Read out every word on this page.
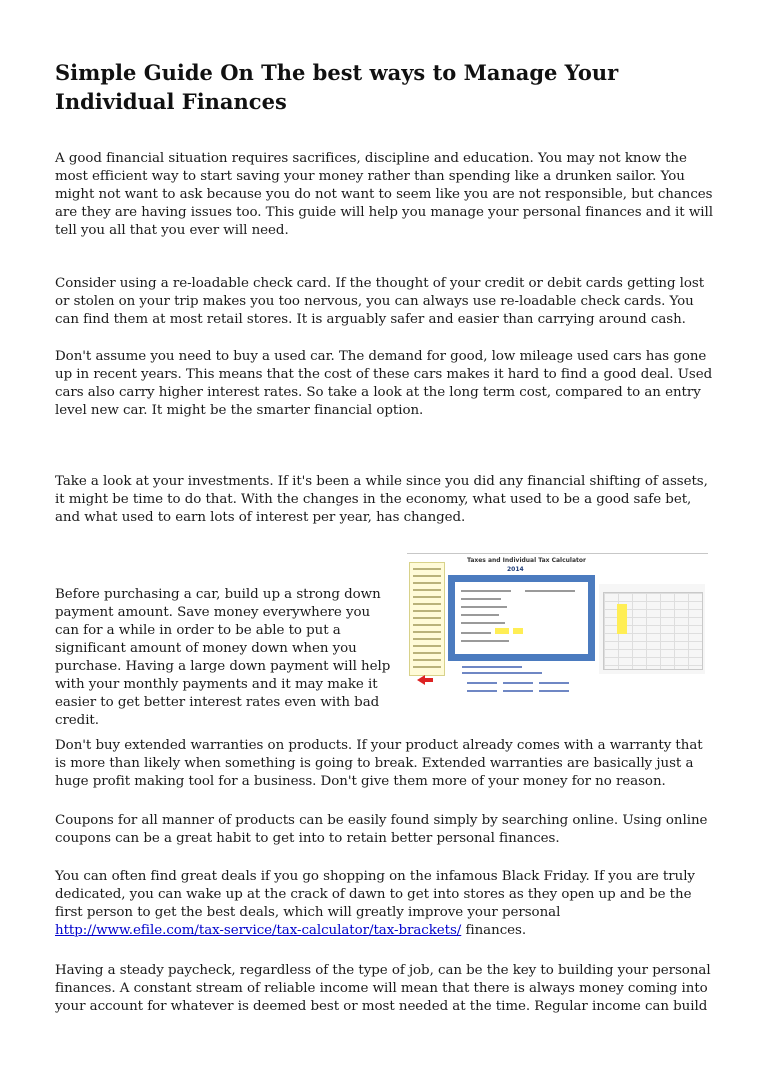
Simple Guide On The best ways to Manage Your Individual Finances

A good financial situation requires sacrifices, discipline and education. You may not know the most efficient way to start saving your money rather than spending like a drunken sailor. You might not want to ask because you do not want to seem like you are not responsible, but chances are they are having issues too. This guide will help you manage your personal finances and it will tell you all that you ever will need.

Consider using a re-loadable check card. If the thought of your credit or debit cards getting lost or stolen on your trip makes you too nervous, you can always use re-loadable check cards. You can find them at most retail stores. It is arguably safer and easier than carrying around cash.

Don't assume you need to buy a used car. The demand for good, low mileage used cars has gone up in recent years. This means that the cost of these cars makes it hard to find a good deal. Used cars also carry higher interest rates. So take a look at the long term cost, compared to an entry level new car. It might be the smarter financial option.

Take a look at your investments. If it's been a while since you did any financial shifting of assets, it might be time to do that. With the changes in the economy, what used to be a good safe bet, and what used to earn lots of interest per year, has changed.

Before purchasing a car, build up a strong down payment amount. Save money everywhere you can for a while in order to be able to put a significant amount of money down when you purchase. Having a large down payment will help with your monthly payments and it may make it easier to get better interest rates even with bad credit.

Taxes and Individual Tax Calculator
2014

Don't buy extended warranties on products. If your product already comes with a warranty that is more than likely when something is going to break. Extended warranties are basically just a huge profit making tool for a business. Don't give them more of your money for no reason.

Coupons for all manner of products can be easily found simply by searching online. Using online coupons can be a great habit to get into to retain better personal finances.

You can often find great deals if you go shopping on the infamous Black Friday. If you are truly dedicated, you can wake up at the crack of dawn to get into stores as they open up and be the first person to get the best deals, which will greatly improve your personal http://www.efile.com/tax-service/tax-calculator/tax-brackets/ finances.

Having a steady paycheck, regardless of the type of job, can be the key to building your personal finances. A constant stream of reliable income will mean that there is always money coming into your account for whatever is deemed best or most needed at the time. Regular income can build
